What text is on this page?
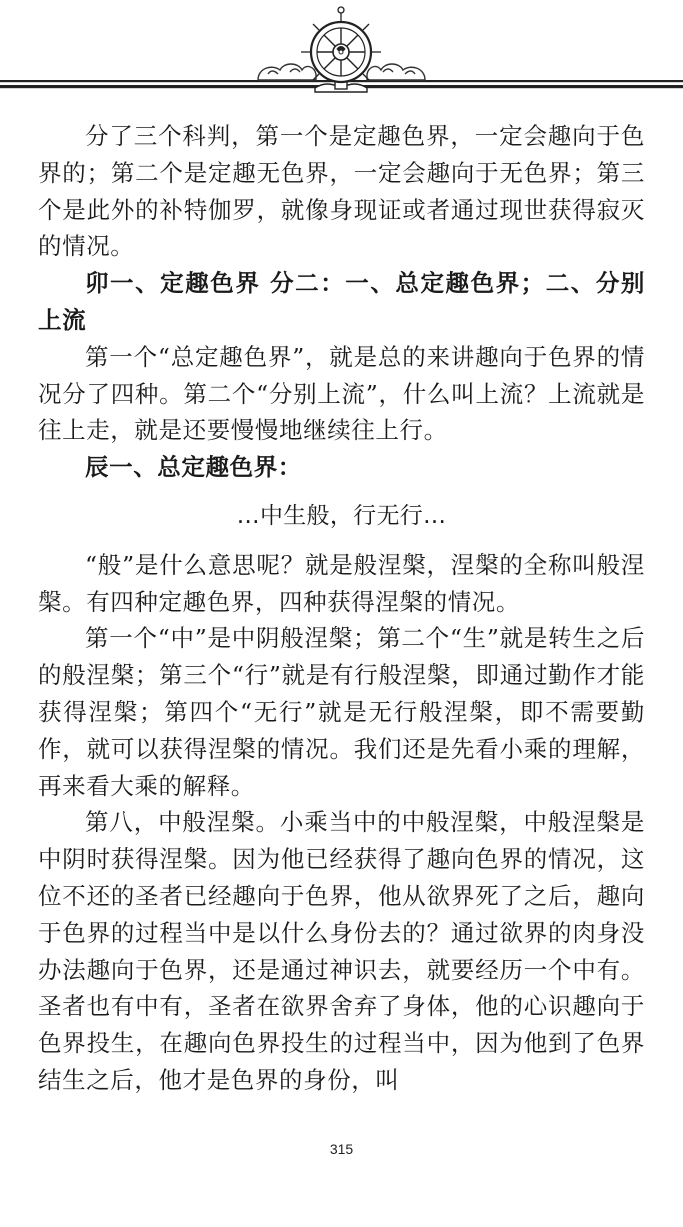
分了三个科判，第一个是定趣色界，一定会趣向于色界的；第二个是定趣无色界，一定会趣向于无色界；第三个是此外的补特伽罗，就像身现证或者通过现世获得寂灭的情况。

卯一、定趣色界 分二：一、总定趣色界；二、分别上流

第一个“总定趣色界”，就是总的来讲趣向于色界的情况分了四种。第二个“分别上流”，什么叫上流？上流就是往上走，就是还要慢慢地继续往上行。

辰一、总定趣色界：

…中生般，行无行…

“般”是什么意思呢？就是般涅槃，涅槃的全称叫般涅槃。有四种定趣色界，四种获得涅槃的情况。

第一个“中”是中阴般涅槃；第二个“生”就是转生之后的般涅槃；第三个“行”就是有行般涅槃，即通过勤作才能获得涅槃；第四个“无行”就是无行般涅槃，即不需要勤作，就可以获得涅槃的情况。我们还是先看小乘的理解，再来看大乘的解释。

第八，中般涅槃。小乘当中的中般涅槃，中般涅槃是中阴时获得涅槃。因为他已经获得了趣向色界的情况，这位不还的圣者已经趣向于色界，他从欲界死了之后，趣向于色界的过程当中是以什么身份去的？通过欲界的肉身没办法趣向于色界，还是通过神识去，就要经历一个中有。圣者也有中有，圣者在欲界舍弃了身体，他的心识趣向于色界投生，在趣向色界投生的过程当中，因为他到了色界结生之后，他才是色界的身份，叫

315
